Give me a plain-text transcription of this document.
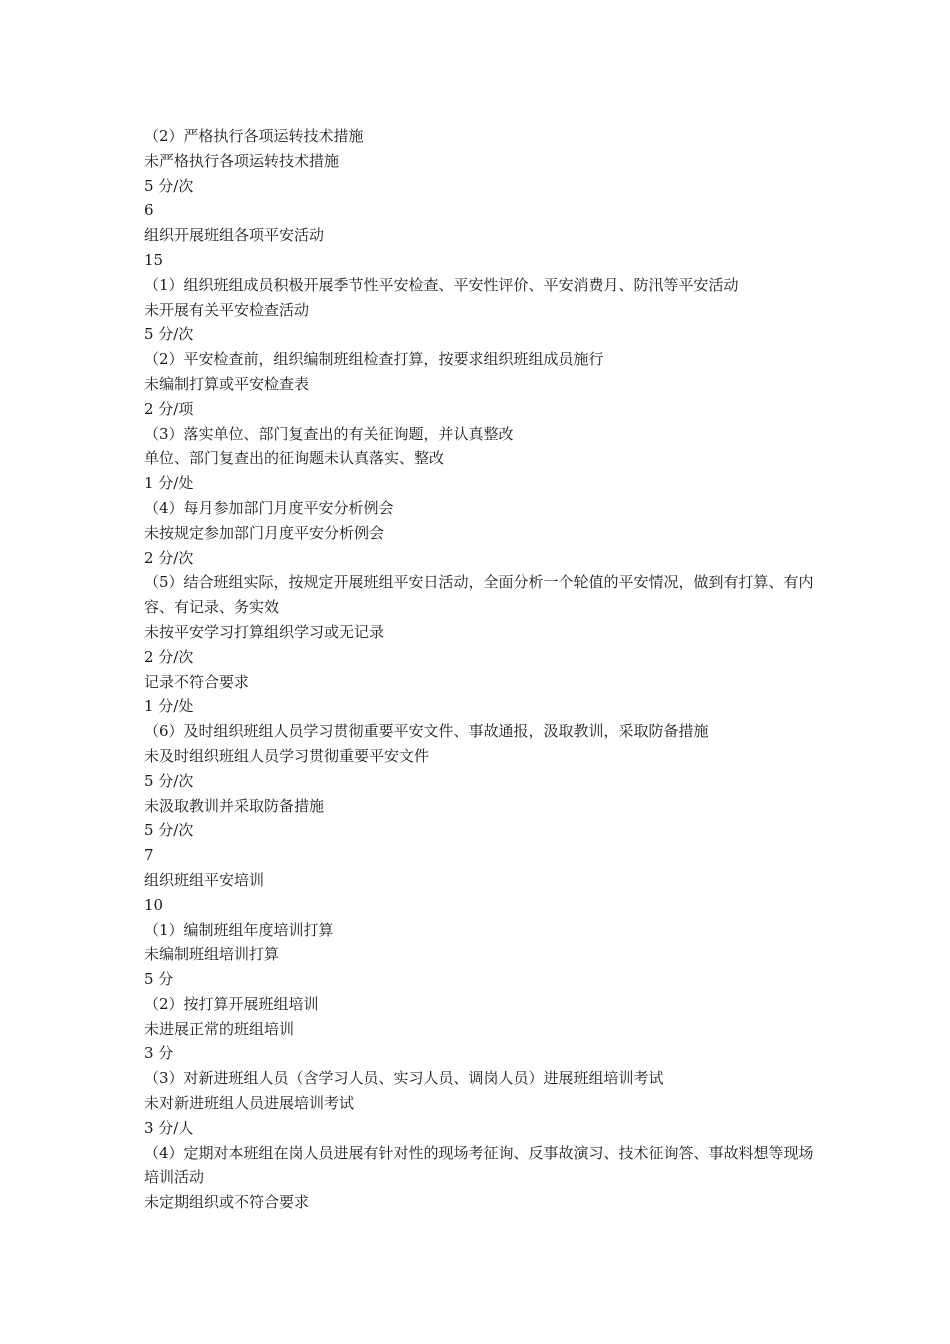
（2）严格执行各项运转技术措施

未严格执行各项运转技术措施

5 分/次

6

组织开展班组各项平安活动

15

（1）组织班组成员积极开展季节性平安检查、平安性评价、平安消费月、防汛等平安活动

未开展有关平安检查活动

5 分/次

（2）平安检查前，组织编制班组检查打算，按要求组织班组成员施行

未编制打算或平安检查表

2 分/项

（3）落实单位、部门复查出的有关征询题，并认真整改

单位、部门复查出的征询题未认真落实、整改

1 分/处

（4）每月参加部门月度平安分析例会

未按规定参加部门月度平安分析例会

2 分/次

（5）结合班组实际，按规定开展班组平安日活动，全面分析一个轮值的平安情况，做到有打算、有内容、有记录、务实效

未按平安学习打算组织学习或无记录

2 分/次

记录不符合要求

1 分/处

（6）及时组织班组人员学习贯彻重要平安文件、事故通报，汲取教训，采取防备措施

未及时组织班组人员学习贯彻重要平安文件

5 分/次

未汲取教训并采取防备措施

5 分/次

7

组织班组平安培训

10

（1）编制班组年度培训打算

未编制班组培训打算

5 分

（2）按打算开展班组培训

未进展正常的班组培训

3 分

（3）对新进班组人员（含学习人员、实习人员、调岗人员）进展班组培训考试

未对新进班组人员进展培训考试

3 分/人

（4）定期对本班组在岗人员进展有针对性的现场考征询、反事故演习、技术征询答、事故料想等现场培训活动

未定期组织或不符合要求
